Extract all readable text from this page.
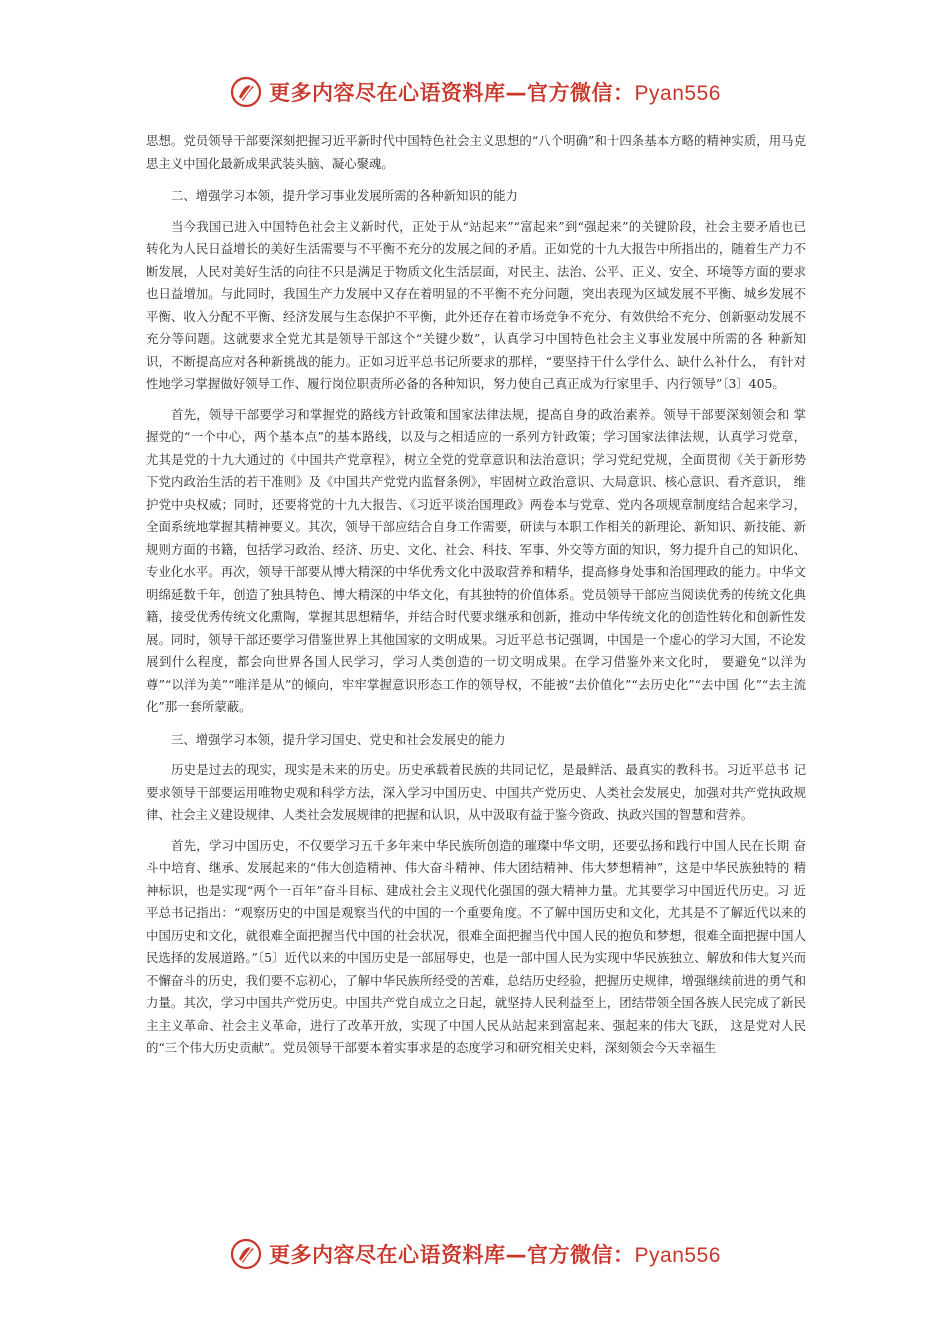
更多内容尽在心语资料库—官方微信：Pyan556

思想。党员领导干部要深刻把握习近平新时代中国特色社会主义思想的“八个明确”和十四条基本方略的精神实质，用马克思主义中国化最新成果武装头脑、凝心聚魂。

二、增强学习本领，提升学习事业发展所需的各种新知识的能力

当今我国已进入中国特色社会主义新时代，正处于从“站起来”“富起来”到“强起来”的关键阶段，社会主要矛盾也已 转化为人民日益增长的美好生活需要与不平衡不充分的发展之间的矛盾。正如党的十九大报告中所指出的，随着生产力不断发展，人民对美好生活的向往不只是满足于物质文化生活层面，对民主、法治、公平、正义、安全、环境等方面的要求也日益增加。与此同时，我国生产力发展中又存在着明显的不平衡不充分问题，突出表现为区域发展不平衡、城乡发展不平衡、收入分配不平衡、经济发展与生态保护不平衡，此外还存在着市场竞争不充分、有效供给不充分、创新驱动发展不充分等问题。这就要求全党尤其是领导干部这个“关键少数”，认真学习中国特色社会主义事业发展中所需的各 种新知识，不断提高应对各种新挑战的能力。正如习近平总书记所要求的那样，“要坚持干什么学什么、缺什么补什么， 有针对性地学习掌握做好领导工作、履行岗位职责所必备的各种知识，努力使自己真正成为行家里手、内行领导”〔3〕405。

首先，领导干部要学习和掌握党的路线方针政策和国家法律法规，提高自身的政治素养。领导干部要深刻领会和 掌握党的“一个中心，两个基本点”的基本路线，以及与之相适应的一系列方针政策；学习国家法律法规，认真学习党章， 尤其是党的十九大通过的《中国共产党章程》，树立全党的党章意识和法治意识；学习党纪党规，全面贯彻《关于新形势下党内政治生活的若干准则》及《中国共产党党内监督条例》，牢固树立政治意识、大局意识、核心意识、看齐意识， 维护党中央权威；同时，还要将党的十九大报告、《习近平谈治国理政》两卷本与党章、党内各项规章制度结合起来学习，全面系统地掌握其精神要义。其次，领导干部应结合自身工作需要，研读与本职工作相关的新理论、新知识、新技能、新规则方面的书籍，包括学习政治、经济、历史、文化、社会、科技、军事、外交等方面的知识，努力提升自己的知识化、专业化水平。再次，领导干部要从博大精深的中华优秀文化中汲取营养和精华，提高修身处事和治国理政的能力。中华文明绵延数千年，创造了独具特色、博大精深的中华文化，有其独特的价值体系。党员领导干部应当阅读优秀的传统文化典籍，接受优秀传统文化熏陶，掌握其思想精华，并结合时代要求继承和创新，推动中华传统文化的创造性转化和创新性发展。同时，领导干部还要学习借鉴世界上其他国家的文明成果。习近平总书记强调，中国是一个虚心的学习大国，不论发展到什么程度，都会向世界各国人民学习，学习人类创造的一切文明成果。在学习借鉴外来文化时， 要避免“以洋为尊”“以洋为美”“唯洋是从”的倾向，牢牢掌握意识形态工作的领导权，不能被“去价值化”“去历史化”“去中国 化”“去主流化”那一套所蒙蔽。

三、增强学习本领，提升学习国史、党史和社会发展史的能力

历史是过去的现实，现实是未来的历史。历史承载着民族的共同记忆，是最鲜活、最真实的教科书。习近平总书 记要求领导干部要运用唯物史观和科学方法，深入学习中国历史、中国共产党历史、人类社会发展史，加强对共产党执政规律、社会主义建设规律、人类社会发展规律的把握和认识，从中汲取有益于鉴今资政、执政兴国的智慧和营养。

首先，学习中国历史，不仅要学习五千多年来中华民族所创造的璀璨中华文明，还要弘扬和践行中国人民在长期 奋斗中培育、继承、发展起来的“伟大创造精神、伟大奋斗精神、伟大团结精神、伟大梦想精神”，这是中华民族独特的 精神标识，也是实现“两个一百年”奋斗目标、建成社会主义现代化强国的强大精神力量。尤其要学习中国近代历史。习 近平总书记指出：“观察历史的中国是观察当代的中国的一个重要角度。不了解中国历史和文化，尤其是不了解近代以来的中国历史和文化，就很难全面把握当代中国的社会状况，很难全面把握当代中国人民的抱负和梦想，很难全面把握中国人民选择的发展道路。”〔5〕近代以来的中国历史是一部屈辱史，也是一部中国人民为实现中华民族独立、解放和伟大复兴而不懈奋斗的历史，我们要不忘初心，了解中华民族所经受的苦难，总结历史经验，把握历史规律，增强继续前进的勇气和力量。其次，学习中国共产党历史。中国共产党自成立之日起，就坚持人民利益至上，团结带领全国各族人民完成了新民主主义革命、社会主义革命，进行了改革开放，实现了中国人民从站起来到富起来、强起来的伟大飞跃， 这是党对人民的“三个伟大历史贡献”。党员领导干部要本着实事求是的态度学习和研究相关史料，深刻领会今天幸福生

更多内容尽在心语资料库—官方微信：Pyan556
